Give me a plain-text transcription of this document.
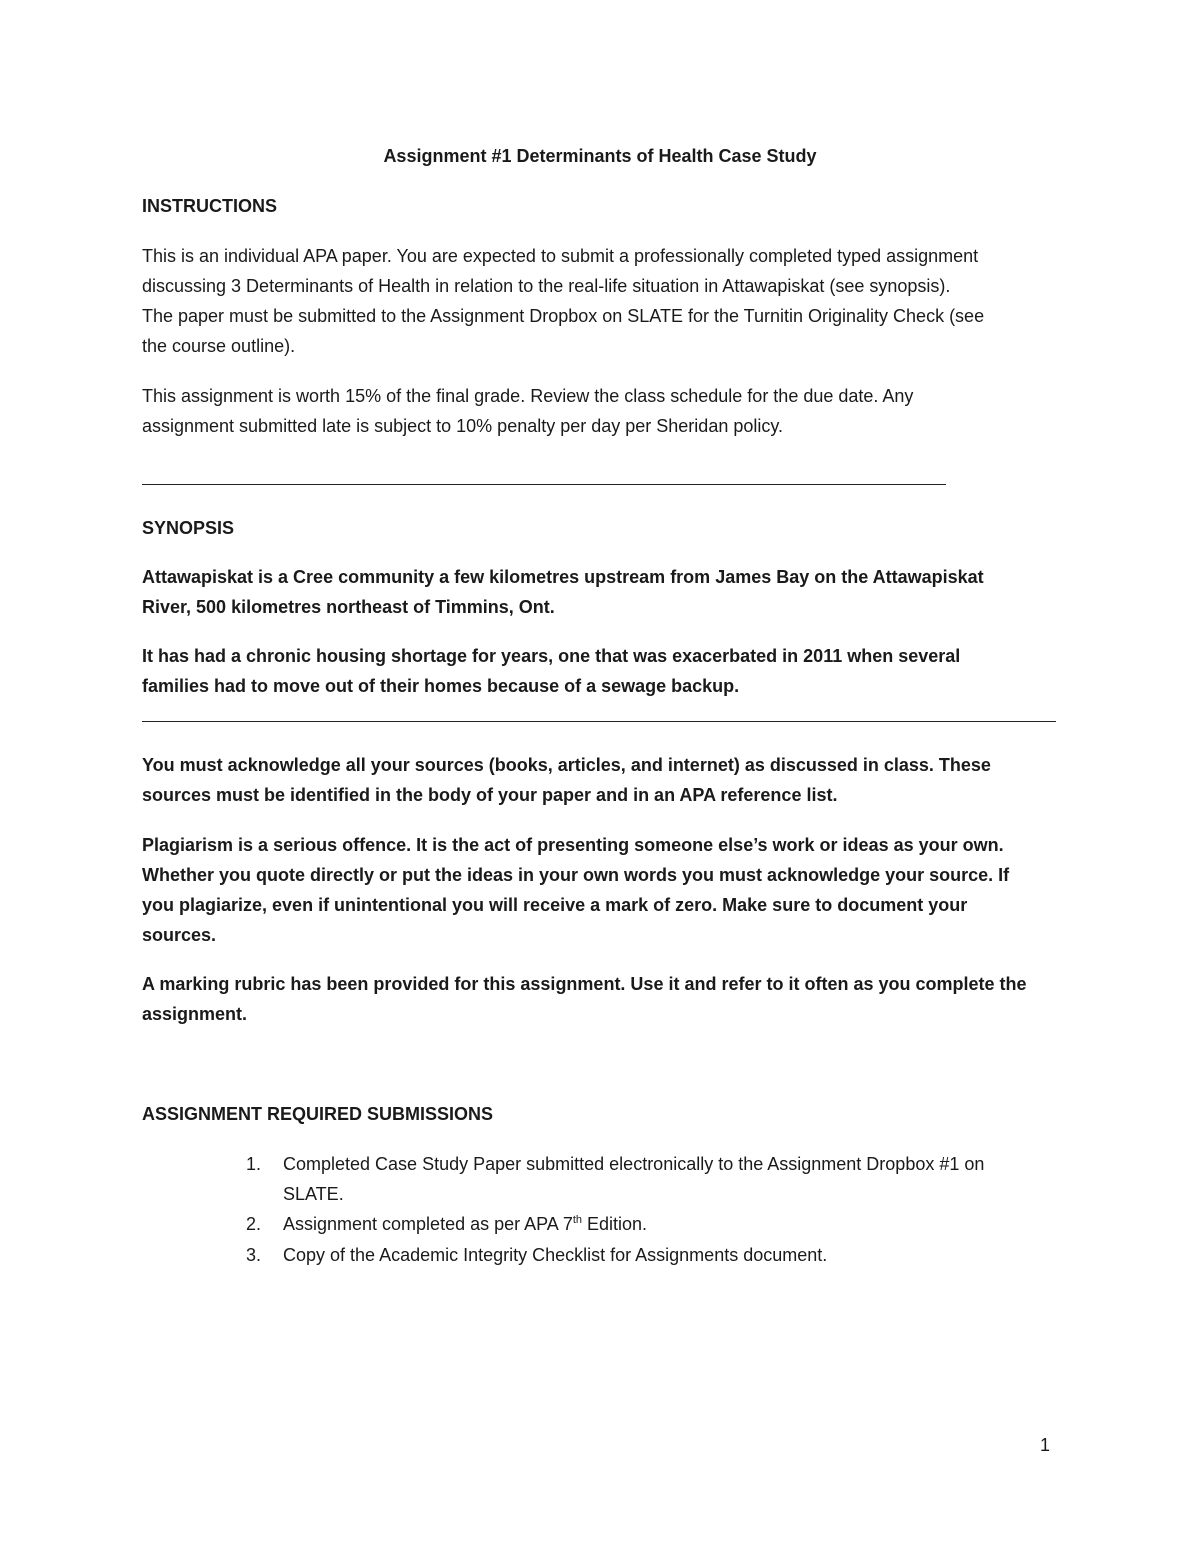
Assignment #1 Determinants of Health Case Study

INSTRUCTIONS

This is an individual APA paper. You are expected to submit a professionally completed typed assignment

discussing 3 Determinants of Health in relation to the real-life situation in Attawapiskat (see synopsis).

The paper must be submitted to the Assignment Dropbox on SLATE for the Turnitin Originality Check (see

the course outline).

This assignment is worth 15% of the final grade. Review the class schedule for the due date. Any

assignment submitted late is subject to 10% penalty per day per Sheridan policy.

SYNOPSIS

Attawapiskat is a Cree community a few kilometres upstream from James Bay on the Attawapiskat

River, 500 kilometres northeast of Timmins, Ont.

It has had a chronic housing shortage for years, one that was exacerbated in 2011 when several

families had to move out of their homes because of a sewage backup.

You must acknowledge all your sources (books, articles, and internet) as discussed in class. These

sources must be identified in the body of your paper and in an APA reference list.

Plagiarism is a serious offence. It is the act of presenting someone else’s work or ideas as your own.

Whether you quote directly or put the ideas in your own words you must acknowledge your source. If

you plagiarize, even if unintentional you will receive a mark of zero. Make sure to document your

sources.

A marking rubric has been provided for this assignment. Use it and refer to it often as you complete the

assignment.

ASSIGNMENT REQUIRED SUBMISSIONS

1. Completed Case Study Paper submitted electronically to the Assignment Dropbox #1 on
SLATE.
2. Assignment completed as per APA 7th Edition.
3. Copy of the Academic Integrity Checklist for Assignments document.
1
